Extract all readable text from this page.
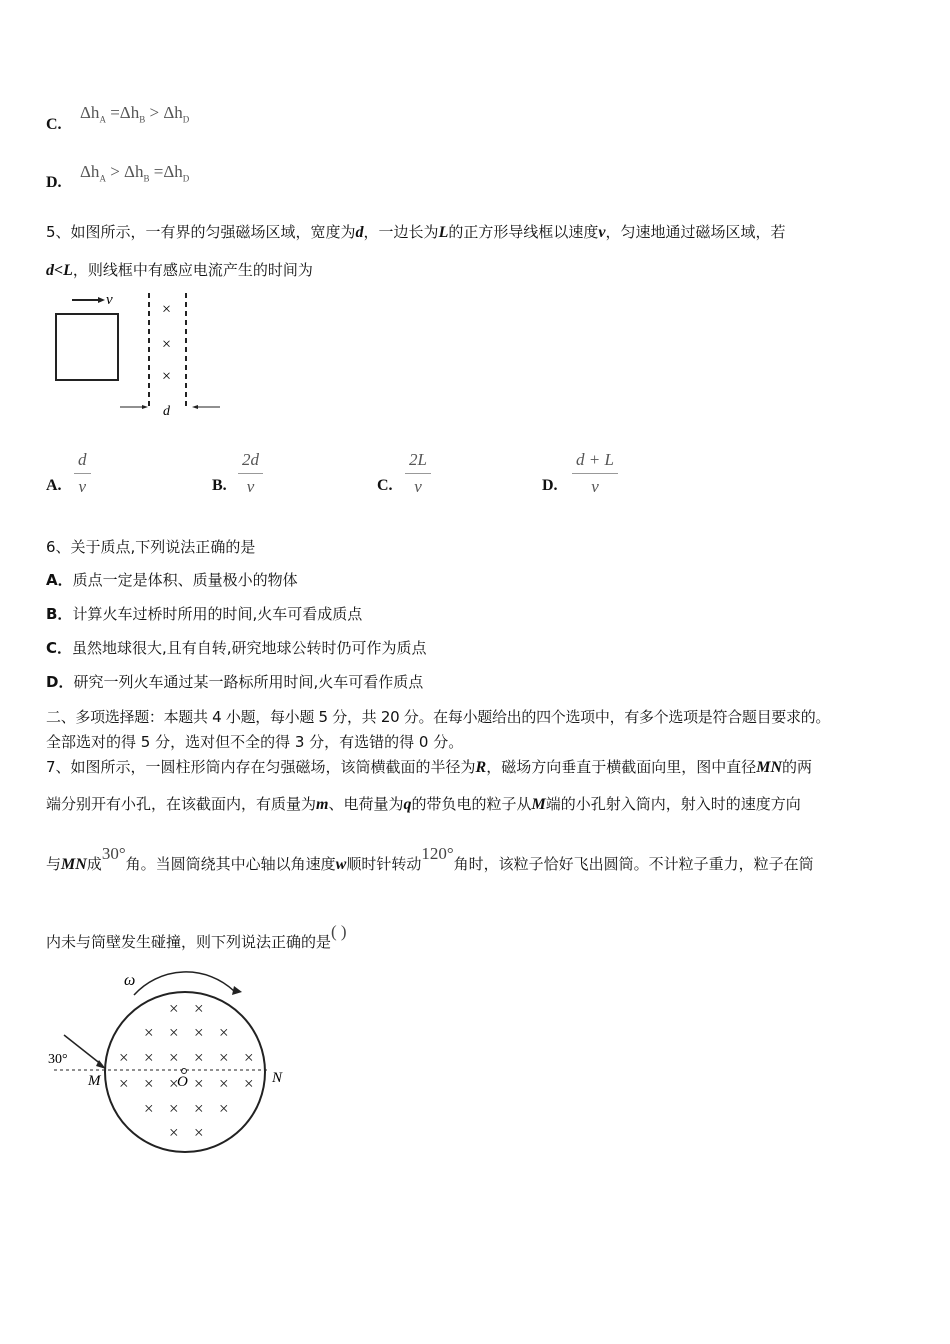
C.
$\Delta h_A =\Delta h_B > \Delta h_D$
D.
$\Delta h_A > \Delta h_B =\Delta h_D$
5、如图所示，一有界的匀强磁场区域，宽度为d，一边长为L的正方形导线框以速度v，匀速地通过磁场区域，若
d<L，则线框中有感应电流产生的时间为
v
×
×
×
d
A. $\frac{d}{v}$	B. $\frac{2d}{v}$	C. $\frac{2L}{v}$	D. $\frac{d + L}{v}$
6、关于质点,下列说法正确的是
A．质点一定是体积、质量极小的物体
B．计算火车过桥时所用的时间,火车可看成质点
C．虽然地球很大,且有自转,研究地球公转时仍可作为质点
D．研究一列火车通过某一路标所用时间,火车可看作质点
二、多项选择题：本题共 4 小题，每小题 5 分，共 20 分。在每小题给出的四个选项中，有多个选项是符合题目要求的。
全部选对的得 5 分，选对但不全的得 3 分，有选错的得 0 分。
7、如图所示，一圆柱形筒内存在匀强磁场，该筒横截面的半径为R，磁场方向垂直于横截面向里，图中直径MN的两
端分别开有小孔，在该截面内，有质量为m、电荷量为q的带负电的粒子从M端的小孔射入筒内，射入时的速度方向
与MN成30°角。当圆筒绕其中心轴以角速度w顺时针转动120°角时，该粒子恰好飞出圆筒。不计粒子重力，粒子在筒
内未与筒壁发生碰撞，则下列说法正确的是( )
ω
30°
M	O	N
× ×
× × × ×
× × × × × ×
× × × × × ×
× × × ×
× ×
